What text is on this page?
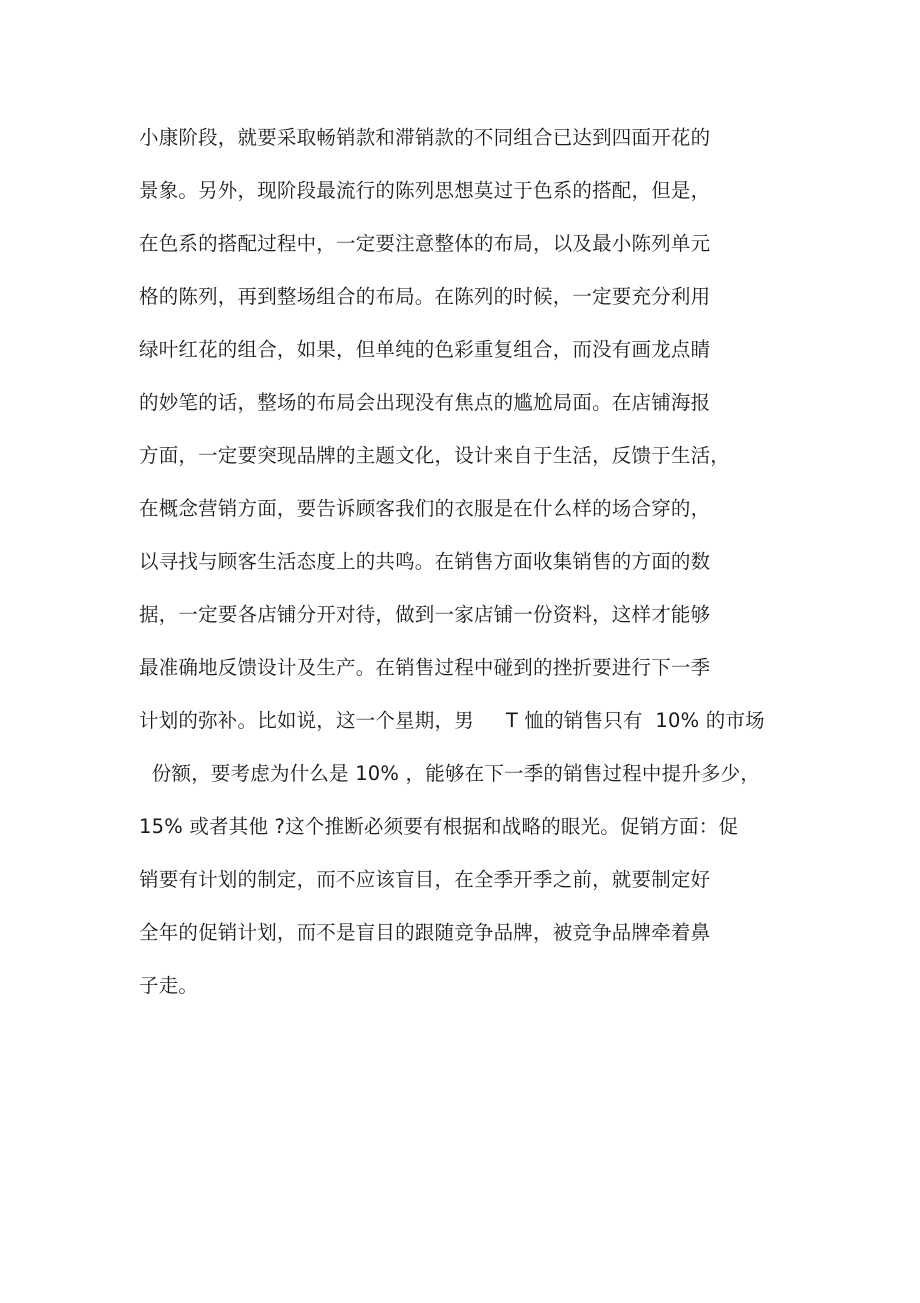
小康阶段，就要采取畅销款和滞销款的不同组合已达到四面开花的
景象。另外，现阶段最流行的陈列思想莫过于色系的搭配，但是，
在色系的搭配过程中，一定要注意整体的布局，以及最小陈列单元
格的陈列，再到整场组合的布局。在陈列的时候，一定要充分利用
绿叶红花的组合，如果，但单纯的色彩重复组合，而没有画龙点睛
的妙笔的话，整场的布局会出现没有焦点的尴尬局面。在店铺海报
方面，一定要突现品牌的主题文化，设计来自于生活，反馈于生活，
在概念营销方面，要告诉顾客我们的衣服是在什么样的场合穿的，
以寻找与顾客生活态度上的共鸣。在销售方面收集销售的方面的数
据，一定要各店铺分开对待，做到一家店铺一份资料，这样才能够
最准确地反馈设计及生产。在销售过程中碰到的挫折要进行下一季
计划的弥补。比如说，这一个星期，男     T 恤的销售只有  10% 的市场
份额，要考虑为什么是 10% ，能够在下一季的销售过程中提升多少，
15% 或者其他 ?这个推断必须要有根据和战略的眼光。促销方面：促
销要有计划的制定，而不应该盲目，在全季开季之前，就要制定好
全年的促销计划，而不是盲目的跟随竞争品牌，被竞争品牌牵着鼻
子走。
